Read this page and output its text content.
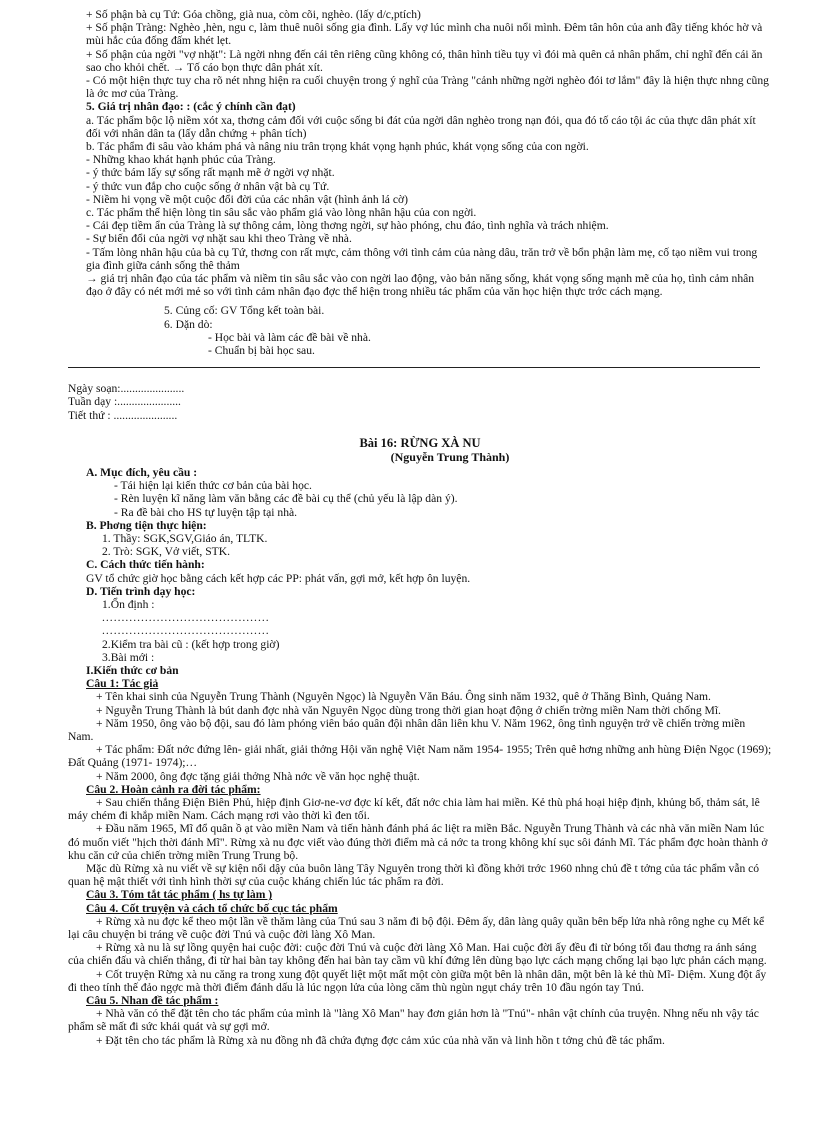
+ Số phận bà cụ Tứ: Góa chồng, già nua, còm cõi, nghèo. (lấy d/c,ptích)

+ Số phận Tràng: Nghèo ,hèn, ngu c, làm thuê nuôi sống gia đình. Lấy vợ lúc mình cha nuôi nổi mình. Đêm tân hôn của anh đầy tiếng khóc hờ và mùi hắc của đống đấm khét lẹt.

+ Số phận của ngời "vợ nhặt": Là ngời nhng đến cái tên riêng cũng không có, thân hình tiều tụy vì đói mà quên cả nhân phẩm, chỉ nghĩ đến cái ăn sao cho khỏi chết. → Tố cáo bọn thực dân phát xít.

- Có một hiện thực tuy cha rõ nét nhng hiện ra cuối chuyện trong ý nghĩ của Tràng "cảnh những ngời nghèo đói tơ lắm" đây là hiện thực nhng cũng là ớc mơ của Tràng.

5. Giá trị nhân đạo: : (cắc ý chính cần đạt)

a. Tác phẩm bộc lộ niềm xót xa, thơng cảm đối với cuộc sống bi đát của ngời dân nghèo trong nạn đói, qua đó tố cáo tội ác của thực dân phát xít đối với nhân dân ta (lấy dẫn chứng + phân tích)

b. Tác phẩm đi sâu vào khám phá và nâng niu trân trọng khát vọng hạnh phúc, khát vọng sống của con ngời.

- Những khao khát hạnh phúc của Tràng.

- ý thức bám lấy sự sống rất mạnh mẽ ở ngời vợ nhặt.

- ý thức vun đắp cho cuộc sống ở nhân vật bà cụ Tứ.

- Niềm hi vọng về một cuộc đổi đời của các nhân vật (hình ảnh lá cờ)

c. Tác phẩm thể hiện lòng tin sâu sắc vào phẩm giá vào lòng nhân hậu của con ngời.

- Cái đẹp tiềm ẩn của Tràng là sự thông cảm, lòng thơng ngời, sự hào phóng, chu đáo, tình nghĩa và trách nhiệm.

- Sự biến đổi của ngời vợ nhặt sau khi theo Tràng về nhà.

- Tấm lòng nhân hậu của bà cụ Tứ, thơng con rất mực, cảm thông với tình cảm của nàng dâu, trăn trở về bổn phận làm mẹ, cố tạo niềm vui trong gia đình giữa cảnh sống thê thảm

→ giá trị nhân đạo của tác phẩm và niềm tin sâu sắc vào con ngời lao động, vào bản năng sống, khát vọng sống mạnh mẽ của họ, tình cảm nhân đạo ở đây có nét mới mẻ so với tình cảm nhân đạo đợc thể hiện trong nhiều tác phẩm của văn học hiện thực trớc cách mạng.

5. Củng cố: GV Tổng kết toàn bài.

6. Dặn dò:

- Học bài và làm các đề bài về nhà.

- Chuẩn bị bài học sau.

Ngày soạn:......................

Tuần dạy :......................

Tiết thứ : ......................

Bài 16: RỪNG XÀ NU

(Nguyễn Trung Thành)

A. Mục đích, yêu cầu :

- Tái hiện lại kiến thức cơ bản của bài học.

- Rèn luyện kĩ năng làm văn bằng các đề bài cụ thể (chủ yếu là lập dàn ý).

- Ra đề bài cho HS tự luyện tập tại nhà.

B. Phơng tiện thực hiện:

1. Thầy: SGK,SGV,Giáo án, TLTK.

2. Trò: SGK, Vở viết, STK.

C. Cách thức tiến hành:

GV tổ chức giờ học bằng cách kết hợp các PP: phát vấn, gợi mở, kết hợp ôn luyện.

D. Tiến trình dạy học:

1.Ổn định :

...........................................

...........................................

2.Kiểm tra bài cũ : (kết hợp trong giờ)

3.Bài mới :

I.Kiến thức cơ bản

Câu 1: Tác giả

+ Tên khai sinh của Nguyễn Trung Thành (Nguyên Ngọc) là Nguyễn Văn Báu. Ông sinh năm 1932, quê ở Thăng Bình, Quảng Nam.

+ Nguyễn Trung Thành là bút danh đợc nhà văn Nguyên Ngọc dùng trong thời gian hoạt động ở chiến trờng miền Nam thời chống Mĩ.

+ Năm 1950, ông vào bộ đội, sau đó làm phóng viên báo quân đội nhân dân liên khu V. Năm 1962, ông tình nguyện trở về chiến trờng miền Nam.

+ Tác phẩm: Đất nớc đứng lên- giải nhất, giải thởng Hội văn nghệ Việt Nam năm 1954- 1955; Trên quê hơng những anh hùng Điện Ngọc (1969); Đất Quảng (1971- 1974);…

+ Năm 2000, ông đợc tặng giải thởng Nhà nớc về văn học nghệ thuật.

Câu 2. Hoàn cảnh ra đời tác phẩm:

+ Sau chiến thắng Điện Biên Phủ, hiệp định Giơ-ne-vơ đợc kí kết, đất nớc chia làm hai miền. Kẻ thù phá hoại hiệp định, khủng bố, thảm sát, lê máy chém đi khắp miền Nam. Cách mạng rơi vào thời kì đen tối.

+ Đầu năm 1965, Mĩ đổ quân ồ ạt vào miền Nam và tiến hành đánh phá ác liệt ra miền Bắc. Nguyễn Trung Thành và các nhà văn miền Nam lúc đó muốn viết "hịch thời đánh Mĩ". Rừng xà nu đợc viết vào đúng thời điểm mà cả nớc ta trong không khí sục sôi đánh Mĩ. Tác phẩm đợc hoàn thành ở khu căn cứ của chiến trờng miền Trung Trung bộ.

Mặc dù Rừng xà nu viết về sự kiện nổi dậy của buôn làng Tây Nguyên trong thời kì đồng khởi trớc 1960 nhng chủ đề t tởng của tác phẩm vẫn có quan hệ mật thiết với tình hình thời sự của cuộc kháng chiến lúc tác phẩm ra đời.

Câu 3. Tóm tắt tác phẩm ( hs tự làm )

Câu 4. Cốt truyện và cách tổ chức bố cục tác phẩm

+ Rừng xà nu đợc kể theo một lần về thăm làng của Tnú sau 3 năm đi bộ đội. Đêm ấy, dân làng quây quần bên bếp lửa nhà rông nghe cụ Mết kể lại câu chuyện bi tráng về cuộc đời Tnú và cuộc đời làng Xô Man.

+ Rừng xà nu là sự lồng quyện hai cuộc đời: cuộc đời Tnú và cuộc đời làng Xô Man. Hai cuộc đời ấy đều đi từ bóng tối đau thơng ra ánh sáng của chiến đấu và chiến thắng, đi từ hai bàn tay không đến hai bàn tay cầm vũ khí đứng lên dùng bạo lực cách mạng chống lại bạo lực phản cách mạng.

+ Cốt truyện Rừng xà nu căng ra trong xung đột quyết liệt một mất một còn giữa một bên là nhân dân, một bên là kẻ thù Mĩ- Diệm. Xung đột ấy đi theo tính thế đảo ngợc mà thời điểm đánh dấu là lúc ngọn lửa của lòng căm thù ngùn ngụt cháy trên 10 đầu ngón tay Tnú.

Câu 5. Nhan đề tác phẩm :

+ Nhà văn có thể đặt tên cho tác phẩm của mình là "làng Xô Man" hay đơn giản hơn là "Tnú"- nhân vật chính của truyện. Nhng nếu nh vậy tác phẩm sẽ mất đi sức khái quát và sự gợi mở.

+ Đặt tên cho tác phẩm là Rừng xà nu đồng nh đã chứa đựng đợc cảm xúc của nhà văn và linh hồn t tởng chủ đề tác phẩm.
